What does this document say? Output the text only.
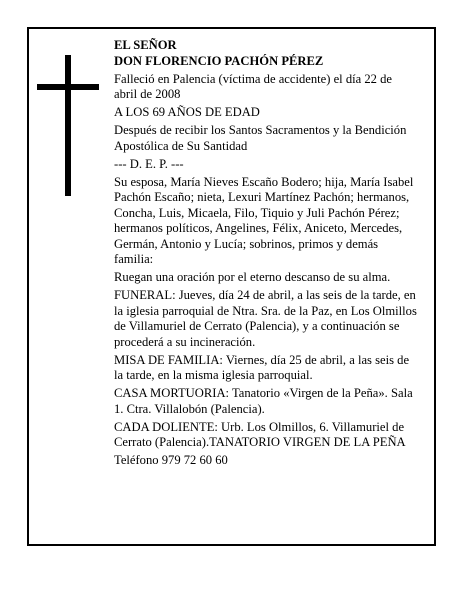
EL SEÑOR

DON FLORENCIO PACHÓN PÉREZ

Falleció en Palencia (víctima de accidente) el día 22 de abril de 2008

A LOS 69 AÑOS DE EDAD

Después de recibir los Santos Sacramentos y la Bendición Apostólica de Su Santidad

--- D. E. P. ---

Su esposa, María Nieves Escaño Bodero; hija, María Isabel Pachón Escaño; nieta, Lexuri Martínez Pachón; hermanos, Concha, Luis, Micaela, Filo, Tiquio y Juli Pachón Pérez; hermanos políticos, Angelines, Félix, Aniceto, Mercedes, Germán, Antonio y Lucía; sobrinos, primos y demás familia:

Ruegan una oración por el eterno descanso de su alma.

FUNERAL: Jueves, día 24 de abril, a las seis de la tarde, en la iglesia parroquial de Ntra. Sra. de la Paz, en Los Olmillos de Villamuriel de Cerrato (Palencia), y a continuación se procederá a su incineración.

MISA DE FAMILIA: Viernes, día 25 de abril, a las seis de la tarde, en la misma iglesia parroquial.

CASA MORTUORIA: Tanatorio «Virgen de la Peña». Sala 1. Ctra. Villalobón (Palencia).

CADA DOLIENTE: Urb. Los Olmillos, 6. Villamuriel de Cerrato (Palencia).TANATORIO VIRGEN DE LA PEÑA

Teléfono 979 72 60 60
